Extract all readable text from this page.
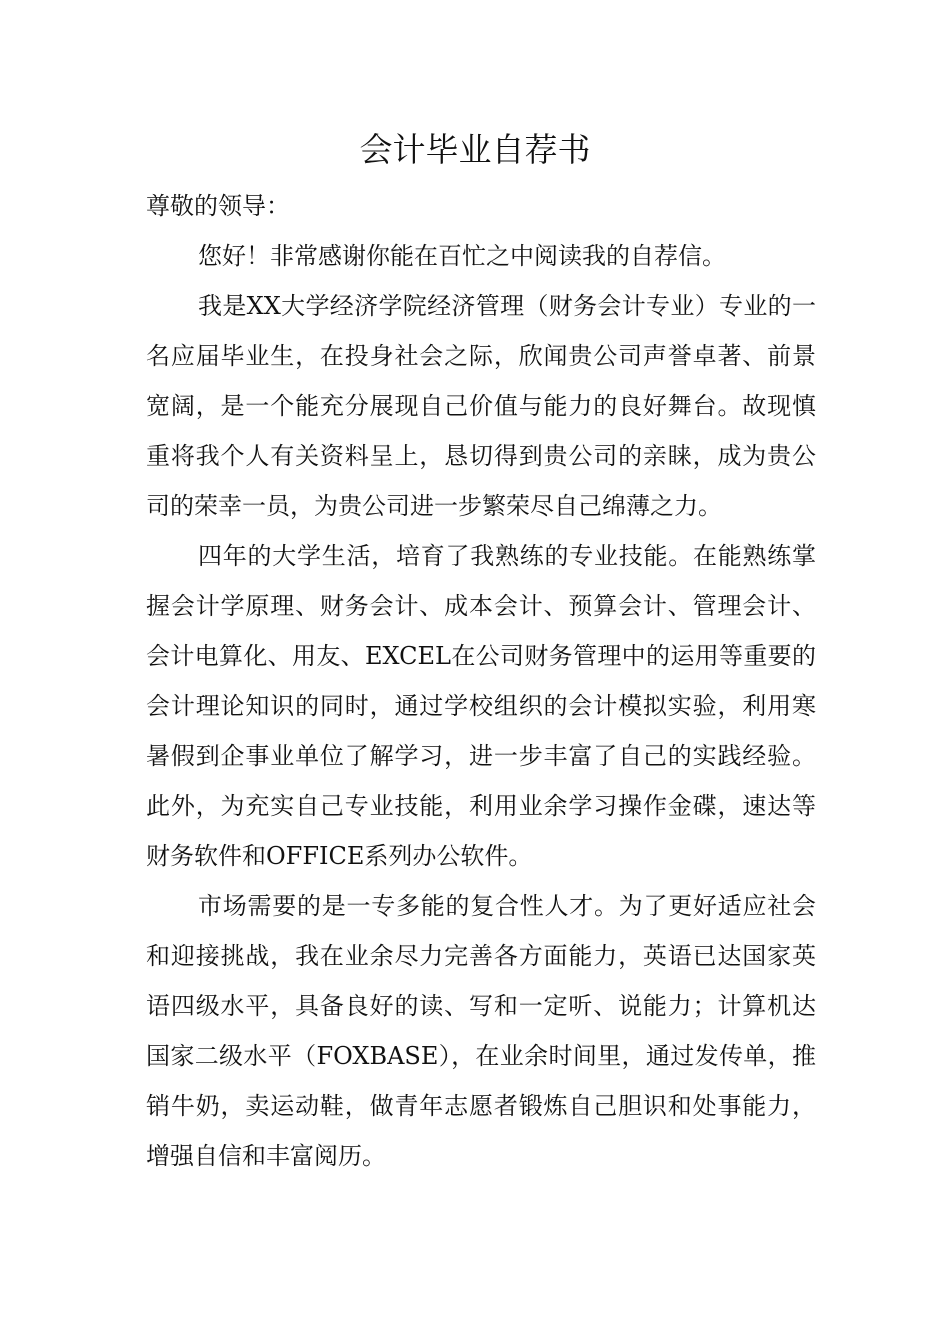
会计毕业自荐书

尊敬的领导：

您好！非常感谢你能在百忙之中阅读我的自荐信。

我是XX大学经济学院经济管理（财务会计专业）专业的一名应届毕业生，在投身社会之际，欣闻贵公司声誉卓著、前景宽阔，是一个能充分展现自己价值与能力的良好舞台。故现慎重将我个人有关资料呈上，恳切得到贵公司的亲睐，成为贵公司的荣幸一员，为贵公司进一步繁荣尽自己绵薄之力。

四年的大学生活，培育了我熟练的专业技能。在能熟练掌握会计学原理、财务会计、成本会计、预算会计、管理会计、会计电算化、用友、EXCEL在公司财务管理中的运用等重要的会计理论知识的同时，通过学校组织的会计模拟实验，利用寒暑假到企事业单位了解学习，进一步丰富了自己的实践经验。此外，为充实自己专业技能，利用业余学习操作金碟，速达等财务软件和OFFICE系列办公软件。

市场需要的是一专多能的复合性人才。为了更好适应社会和迎接挑战，我在业余尽力完善各方面能力，英语已达国家英语四级水平，具备良好的读、写和一定听、说能力；计算机达国家二级水平（FOXBASE），在业余时间里，通过发传单，推销牛奶，卖运动鞋，做青年志愿者锻炼自己胆识和处事能力，增强自信和丰富阅历。
